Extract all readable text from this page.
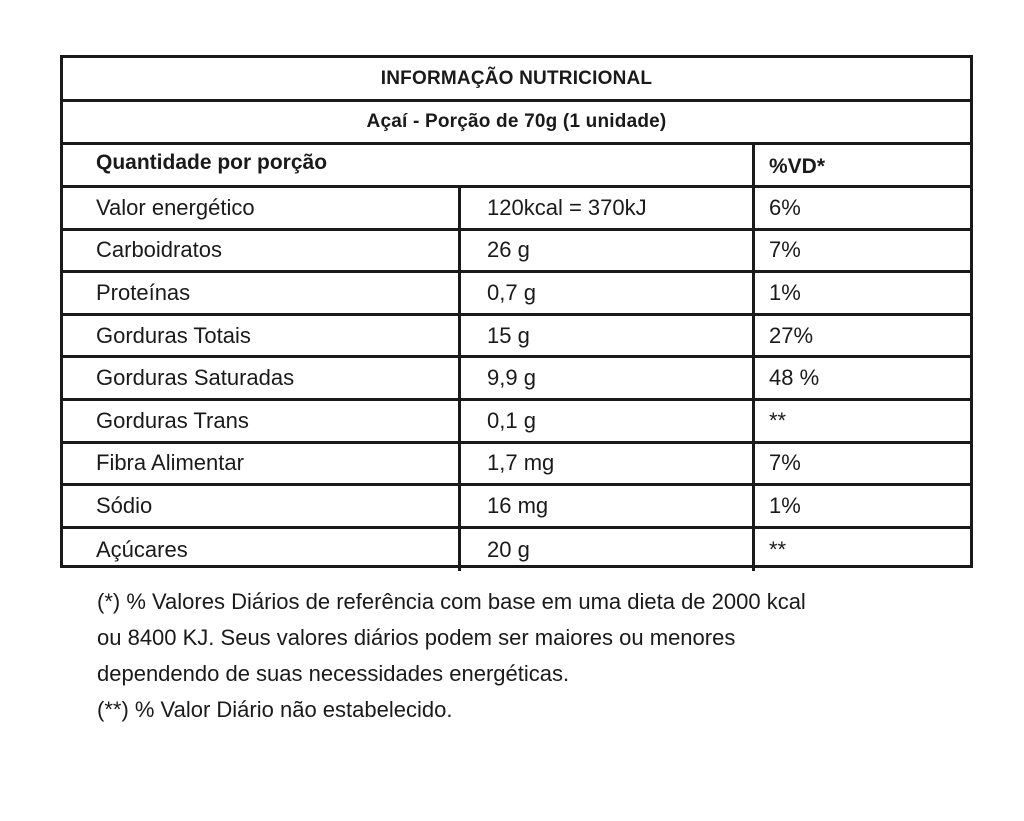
INFORMAÇÃO NUTRICIONAL
Açaí - Porção de 70g (1 unidade)
Quantidade por porção	%VD*
Valor energético	120kcal = 370kJ	6%
Carboidratos	26 g	7%
Proteínas	0,7 g	1%
Gorduras Totais	15 g	27%
Gorduras Saturadas	9,9 g	48 %
Gorduras Trans	0,1 g	**
Fibra Alimentar	1,7 mg	7%
Sódio	16 mg	1%
Açúcares	20 g	**

(*) % Valores Diários de referência com base em uma dieta de 2000 kcal

ou 8400 KJ. Seus valores diários podem ser maiores ou menores

dependendo de suas necessidades energéticas.

(**) % Valor Diário não estabelecido.
